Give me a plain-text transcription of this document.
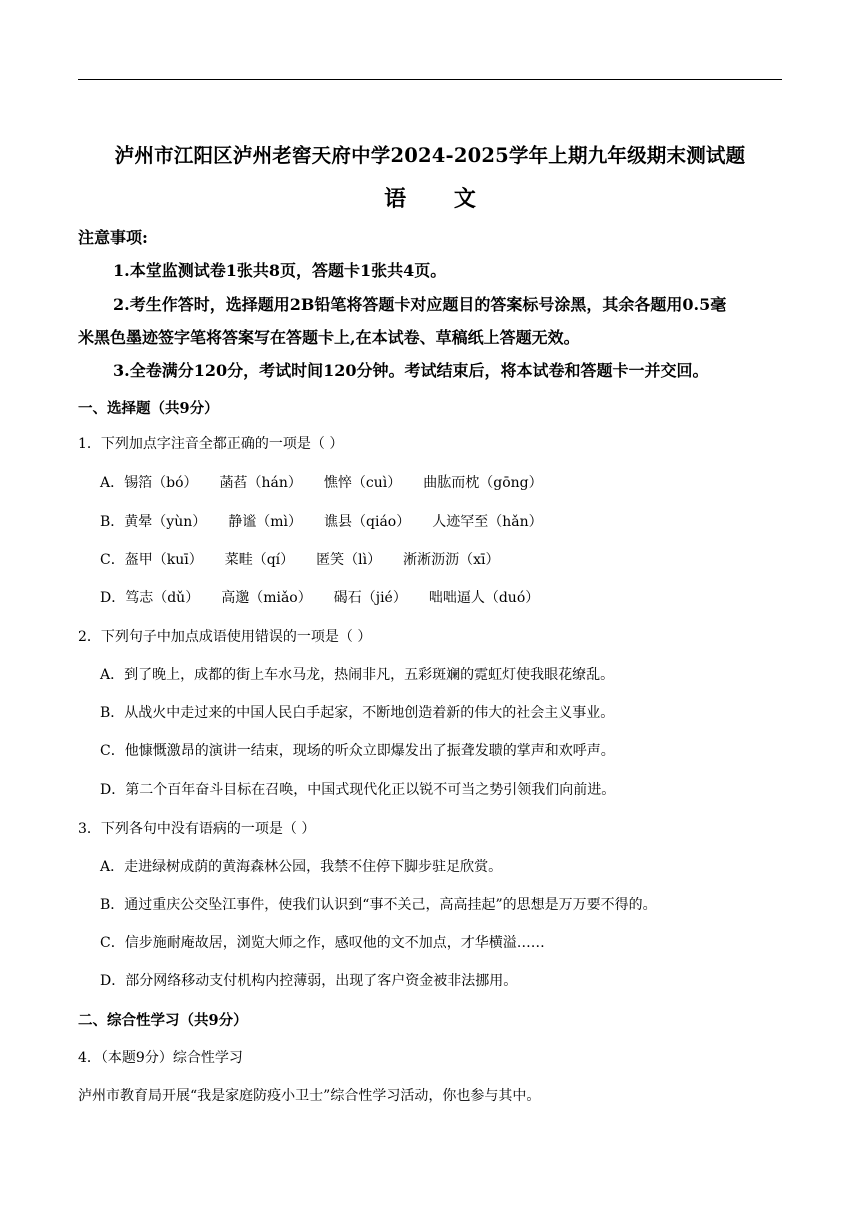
泸州市江阳区泸州老窖天府中学2024-2025学年上期九年级期末测试题
语 文
注意事项:
1.本堂监测试卷1张共8页，答题卡1张共4页。
2.考生作答时，选择题用2B铅笔将答题卡对应题目的答案标号涂黑，其余各题用0.5毫
米黑色墨迹签字笔将答案写在答题卡上,在本试卷、草稿纸上答题无效。
3.全卷满分120分，考试时间120分钟。考试结束后，将本试卷和答题卡一并交回。
一、选择题（共9分）
1．下列加点字注音全都正确的一项是（ ）
A．锡箔（bó） 菡萏（hán） 憔悴（cuì） 曲肱而枕（gōng）
B．黄晕（yùn） 静谧（mì） 谯县（qiáo） 人迹罕至（hǎn）
C．盔甲（kuī） 菜畦（qí） 匿笑（lì） 淅淅沥沥（xī）
D．笃志（dǔ） 高邈（miǎo） 碣石（jié） 咄咄逼人（duó）
2．下列句子中加点成语使用错误的一项是（ ）
A．到了晚上，成都的街上车水马龙，热闹非凡，五彩斑斓的霓虹灯使我眼花缭乱。
B．从战火中走过来的中国人民白手起家，不断地创造着新的伟大的社会主义事业。
C．他慷慨激昂的演讲一结束，现场的听众立即爆发出了振聋发聩的掌声和欢呼声。
D．第二个百年奋斗目标在召唤，中国式现代化正以锐不可当之势引领我们向前进。
3．下列各句中没有语病的一项是（ ）
A．走进绿树成荫的黄海森林公园，我禁不住停下脚步驻足欣赏。
B．通过重庆公交坠江事件，使我们认识到“事不关己，高高挂起”的思想是万万要不得的。
C．信步施耐庵故居，浏览大师之作，感叹他的文不加点，才华横溢……
D．部分网络移动支付机构内控薄弱，出现了客户资金被非法挪用。
二、综合性学习（共9分）
4．（本题9分）综合性学习
泸州市教育局开展“我是家庭防疫小卫士”综合性学习活动，你也参与其中。
